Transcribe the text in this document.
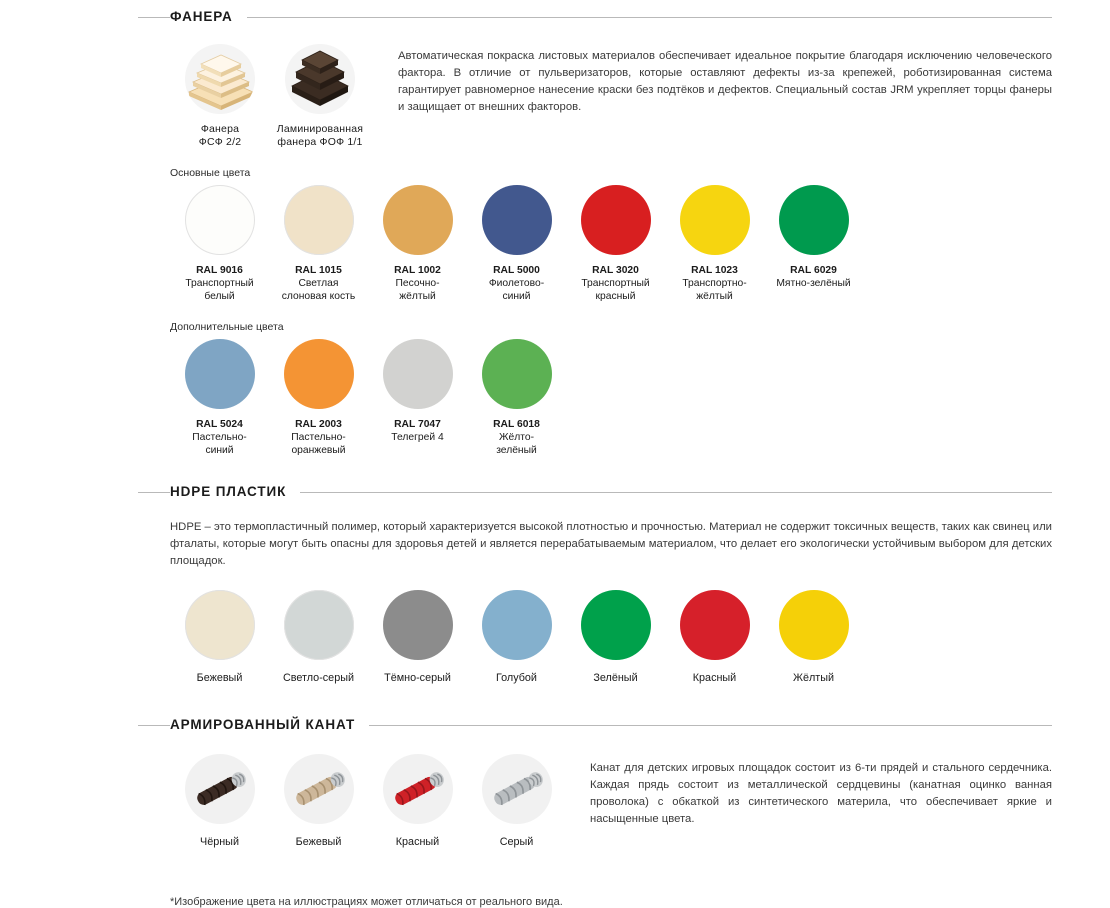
ФАНЕРА
Фанера
ФСФ 2/2
Ламинированная
фанера ФОФ 1/1
Автоматическая покраска листовых материалов обеспечивает идеальное покрытие благодаря исключению человеческого фактора. В отличие от пульверизаторов, которые оставляют дефекты из-за крепежей, роботизированная система гарантирует равномерное нанесение краски без подтёков и дефектов. Специальный состав JRM укрепляет торцы фанеры и защищает от внешних факторов.
Основные цвета
RAL 9016
Транспортный
белый
RAL 1015
Светлая
слоновая кость
RAL 1002
Песочно-
жёлтый
RAL 5000
Фиолетово-
синий
RAL 3020
Транспортный
красный
RAL 1023
Транспортно-
жёлтый
RAL 6029
Мятно-зелёный
Дополнительные цвета
RAL 5024
Пастельно-
синий
RAL 2003
Пастельно-
оранжевый
RAL 7047
Телегрей 4
RAL 6018
Жёлто-
зелёный
HDPE ПЛАСТИК
HDPE – это термопластичный полимер, который характеризуется высокой плотностью и прочностью. Материал не содержит токсичных веществ, таких как свинец или фталаты, которые могут быть опасны для здоровья детей и является перерабатываемым материалом, что делает его экологически устойчивым выбором для детских площадок.
Бежевый	Светло-серый	Тёмно-серый	Голубой	Зелёный	Красный	Жёлтый
АРМИРОВАННЫЙ КАНАТ
Чёрный	Бежевый	Красный	Серый
Канат для детских игровых площадок состоит из 6-ти прядей и стального сердечника. Каждая прядь состоит из металлической сердцевины (канатная оцинко ванная проволока) с обкаткой из синтетического материла, что обеспечивает яркие и насыщенные цвета.
*Изображение цвета на иллюстрациях может отличаться от реального вида.
